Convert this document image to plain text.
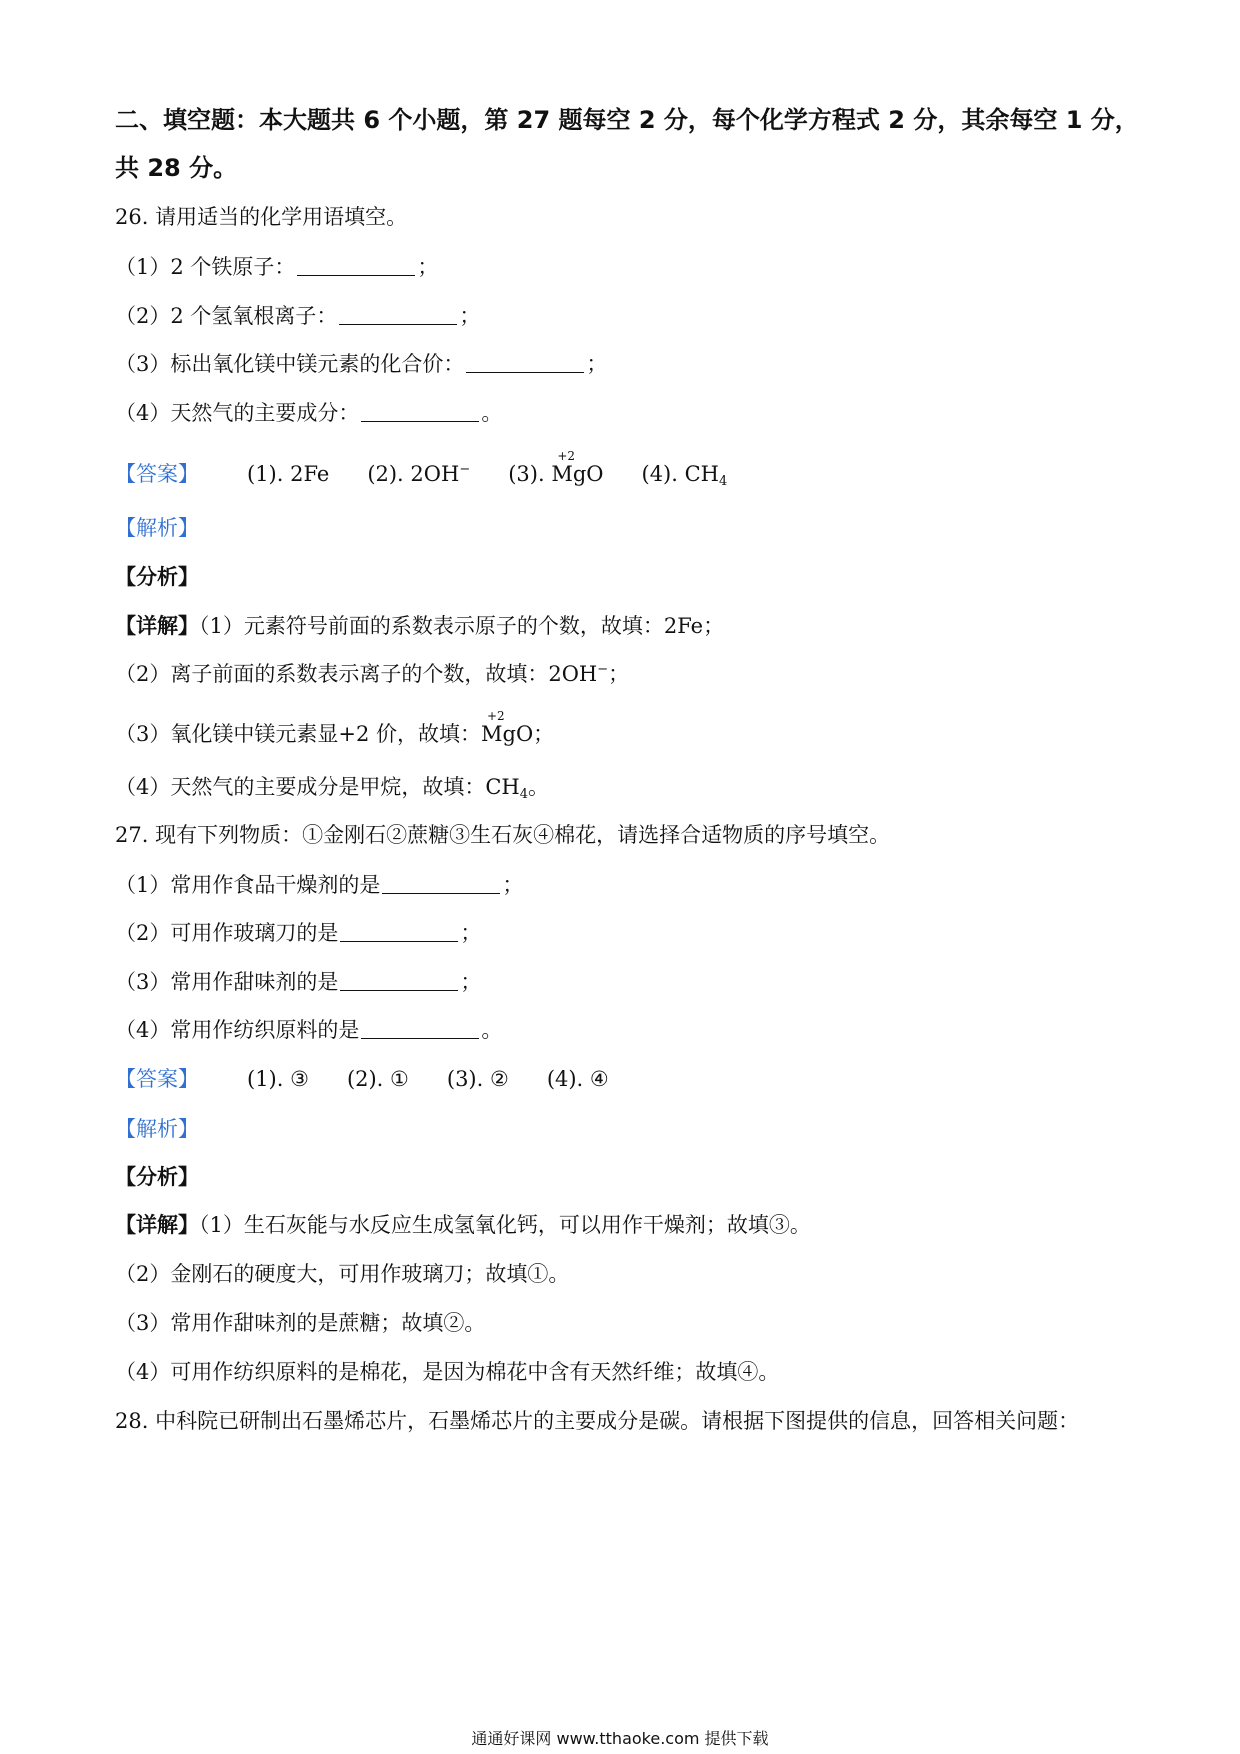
二、填空题：本大题共 6 个小题，第 27 题每空 2 分，每个化学方程式 2 分，其余每空 1 分，
共 28 分。
26. 请用适当的化学用语填空。
（1）2 个铁原子：	；
（2）2 个氢氧根离子：	；
（3）标出氧化镁中镁元素的化合价：	；
（4）天然气的主要成分：	。
【答案】 (1). 2Fe (2). 2OH− (3).
+2
MgO (4). $CH_4$
【解析】
【分析】
【详解】（1）元素符号前面的系数表示原子的个数，故填：2Fe；
（2）离子前面的系数表示离子的个数，故填：2OH−；
（3）氧化镁中镁元素显+2 价，故填：
+2
MgO；
（4）天然气的主要成分是甲烷，故填：$CH_4$。
27. 现有下列物质：①金刚石②蔗糖③生石灰④棉花，请选择合适物质的序号填空。
（1）常用作食品干燥剂的是	；
（2）可用作玻璃刀的是	；
（3）常用作甜味剂的是	；
（4）常用作纺织原料的是	。
【答案】 (1). ③ (2). ① (3). ② (4). ④
【解析】
【分析】
【详解】（1）生石灰能与水反应生成氢氧化钙，可以用作干燥剂；故填③。
（2）金刚石的硬度大，可用作玻璃刀；故填①。
（3）常用作甜味剂的是蔗糖；故填②。
（4）可用作纺织原料的是棉花，是因为棉花中含有天然纤维；故填④。
28. 中科院已研制出石墨烯芯片，石墨烯芯片的主要成分是碳。请根据下图提供的信息，回答相关问题：
通通好课网 www.tthaoke.com 提供下载
